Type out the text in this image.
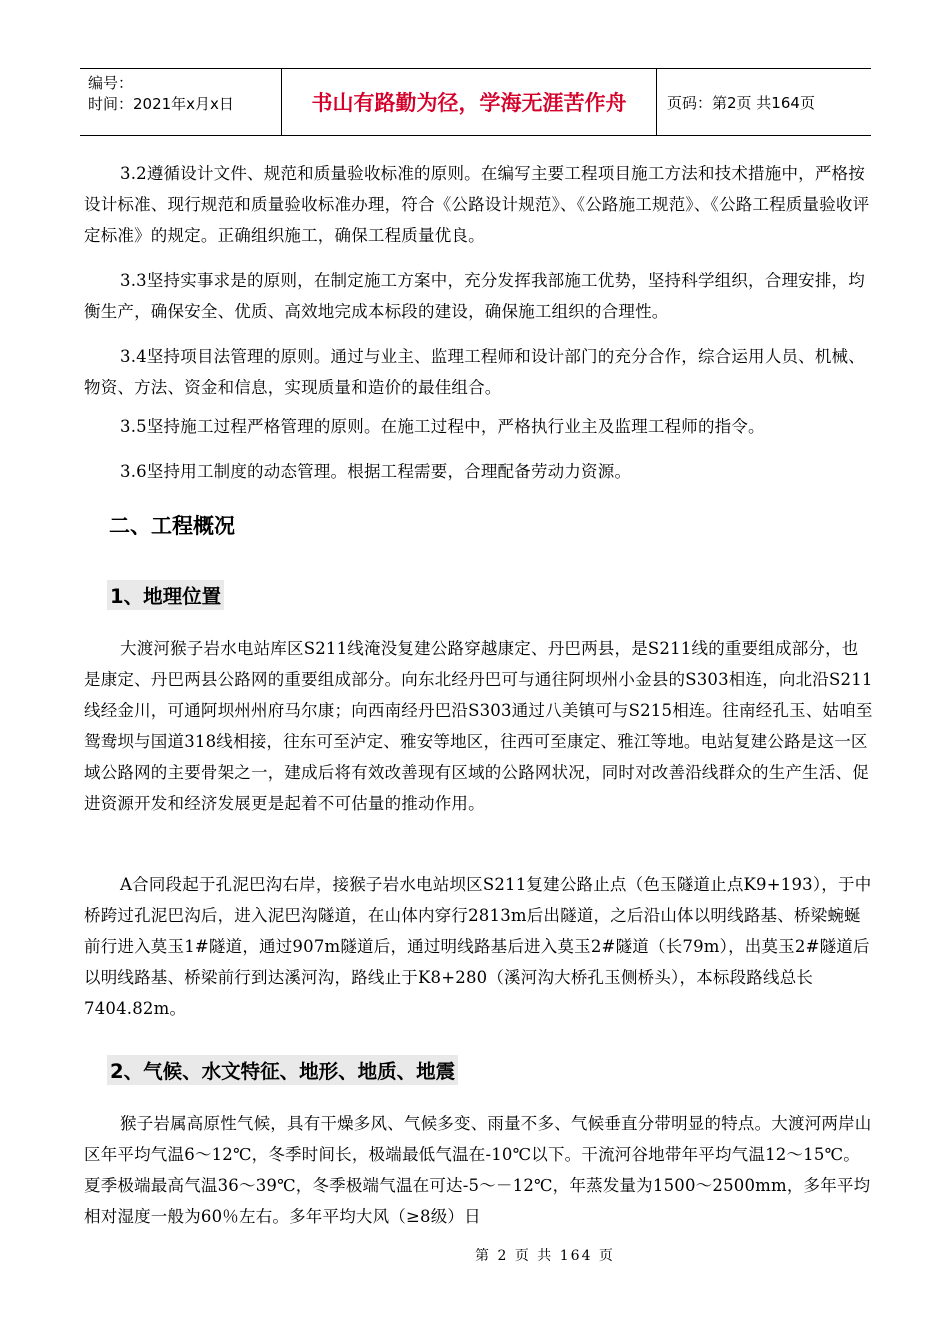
编号：
时间：2021年x月x日	书山有路勤为径，学海无涯苦作舟	页码：第2页 共164页

3.2遵循设计文件、规范和质量验收标准的原则。在编写主要工程项目施工方法和技术措施中，严格按设计标准、现行规范和质量验收标准办理，符合《公路设计规范》、《公路施工规范》、《公路工程质量验收评定标准》的规定。正确组织施工，确保工程质量优良。

3.3坚持实事求是的原则，在制定施工方案中，充分发挥我部施工优势，坚持科学组织，合理安排，均衡生产，确保安全、优质、高效地完成本标段的建设，确保施工组织的合理性。

3.4坚持项目法管理的原则。通过与业主、监理工程师和设计部门的充分合作，综合运用人员、机械、物资、方法、资金和信息，实现质量和造价的最佳组合。

3.5坚持施工过程严格管理的原则。在施工过程中，严格执行业主及监理工程师的指令。

3.6坚持用工制度的动态管理。根据工程需要，合理配备劳动力资源。

二、工程概况
1、地理位置

大渡河猴子岩水电站库区S211线淹没复建公路穿越康定、丹巴两县，是S211线的重要组成部分，也是康定、丹巴两县公路网的重要组成部分。向东北经丹巴可与通往阿坝州小金县的S303相连，向北沿S211线经金川，可通阿坝州州府马尔康；向西南经丹巴沿S303通过八美镇可与S215相连。往南经孔玉、姑咱至鸳鸯坝与国道318线相接，往东可至泸定、雅安等地区，往西可至康定、雅江等地。电站复建公路是这一区域公路网的主要骨架之一，建成后将有效改善现有区域的公路网状况，同时对改善沿线群众的生产生活、促进资源开发和经济发展更是起着不可估量的推动作用。

A合同段起于孔泥巴沟右岸，接猴子岩水电站坝区S211复建公路止点（色玉隧道止点K9+193），于中桥跨过孔泥巴沟后，进入泥巴沟隧道，在山体内穿行2813m后出隧道，之后沿山体以明线路基、桥梁蜿蜒前行进入莫玉1#隧道，通过907m隧道后，通过明线路基后进入莫玉2#隧道（长79m），出莫玉2#隧道后以明线路基、桥梁前行到达溪河沟，路线止于K8+280（溪河沟大桥孔玉侧桥头），本标段路线总长7404.82m。

2、气候、水文特征、地形、地质、地震

猴子岩属高原性气候，具有干燥多风、气候多变、雨量不多、气候垂直分带明显的特点。大渡河两岸山区年平均气温6～12℃，冬季时间长，极端最低气温在-10℃以下。干流河谷地带年平均气温12～15℃。夏季极端最高气温36～39℃，冬季极端气温在可达-5～－12℃，年蒸发量为1500～2500mm，多年平均相对湿度一般为60％左右。多年平均大风（≥8级）日

第 2 页 共 164 页
